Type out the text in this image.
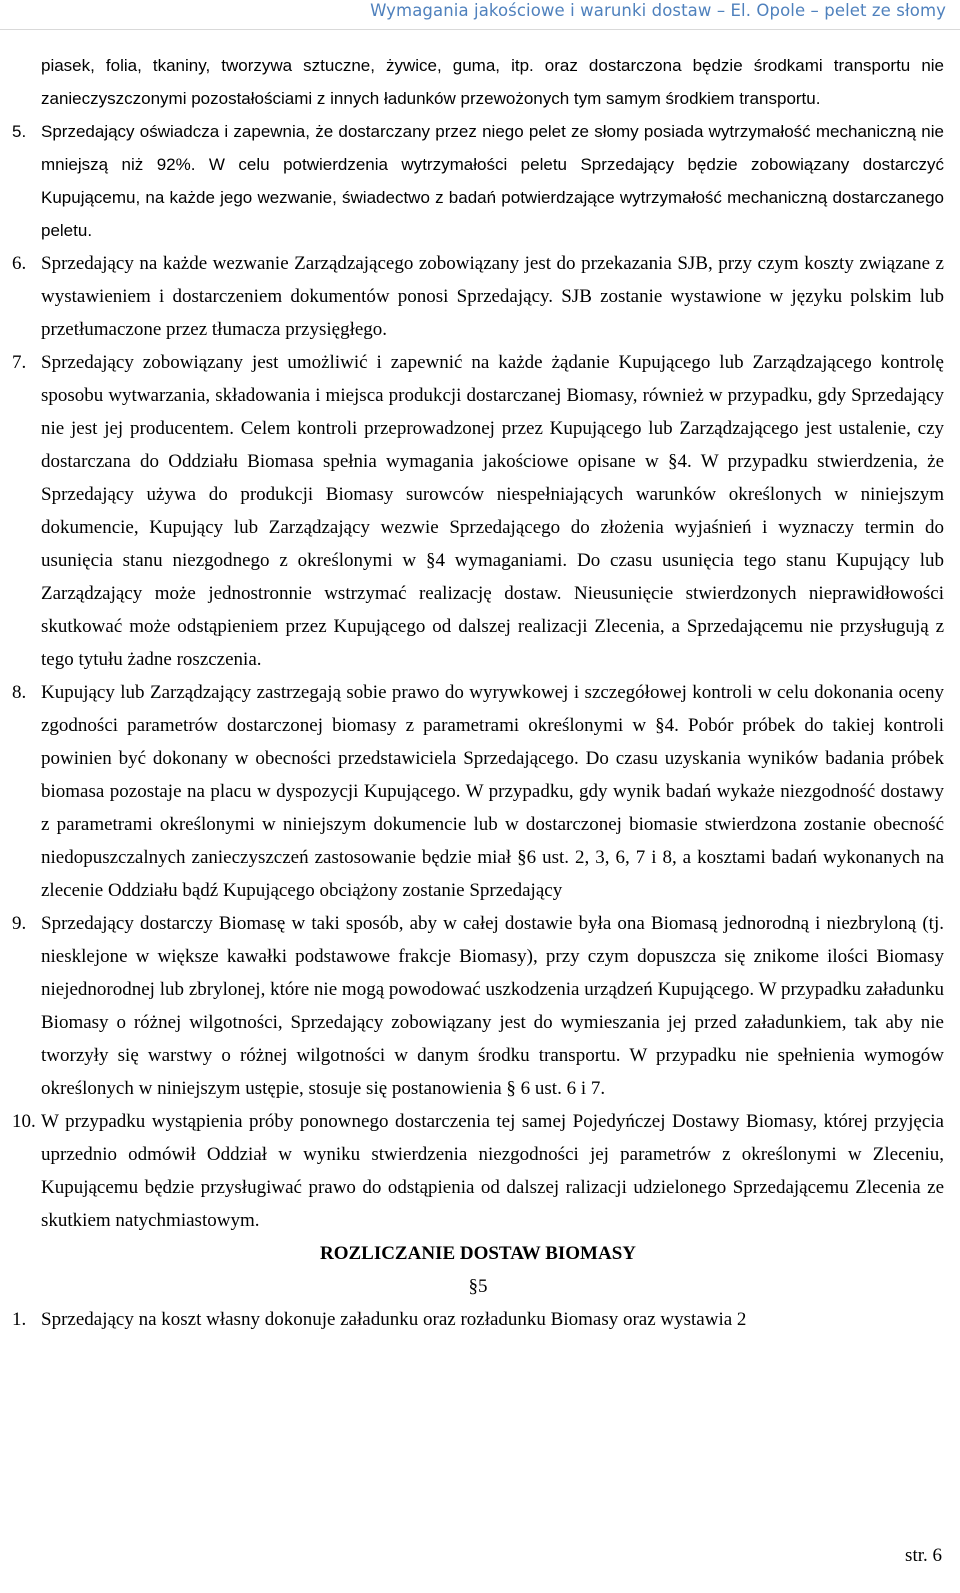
Wymagania jakościowe i warunki dostaw – El. Opole – pelet ze słomy

piasek, folia, tkaniny, tworzywa sztuczne, żywice, guma, itp. oraz dostarczona będzie środkami transportu nie zanieczyszczonymi pozostałościami z innych ładunków przewożonych tym samym środkiem transportu.

5. Sprzedający oświadcza i zapewnia, że dostarczany przez niego pelet ze słomy posiada wytrzymałość mechaniczną nie mniejszą niż 92%. W celu potwierdzenia wytrzymałości peletu Sprzedający będzie zobowiązany dostarczyć Kupującemu, na każde jego wezwanie, świadectwo z badań potwierdzające wytrzymałość mechaniczną dostarczanego peletu.
6. Sprzedający na każde wezwanie Zarządzającego zobowiązany jest do przekazania SJB, przy czym koszty związane z wystawieniem i dostarczeniem dokumentów ponosi Sprzedający. SJB zostanie wystawione w języku polskim lub przetłumaczone przez tłumacza przysięgłego.
7. Sprzedający zobowiązany jest umożliwić i zapewnić na każde żądanie Kupującego lub Zarządzającego kontrolę sposobu wytwarzania, składowania i miejsca produkcji dostarczanej Biomasy, również w przypadku, gdy Sprzedający nie jest jej producentem. Celem kontroli przeprowadzonej przez Kupującego lub Zarządzającego jest ustalenie, czy dostarczana do Oddziału Biomasa spełnia wymagania jakościowe opisane w §4. W przypadku stwierdzenia, że Sprzedający używa do produkcji Biomasy surowców niespełniających warunków określonych w niniejszym dokumencie, Kupujący lub Zarządzający wezwie Sprzedającego do złożenia wyjaśnień i wyznaczy termin do usunięcia stanu niezgodnego z określonymi w §4 wymaganiami. Do czasu usunięcia tego stanu Kupujący lub Zarządzający może jednostronnie wstrzymać realizację dostaw. Nieusunięcie stwierdzonych nieprawidłowości skutkować może odstąpieniem przez Kupującego od dalszej realizacji Zlecenia, a Sprzedającemu nie przysługują z tego tytułu żadne roszczenia.
8. Kupujący lub Zarządzający zastrzegają sobie prawo do wyrywkowej i szczegółowej kontroli w celu dokonania oceny zgodności parametrów dostarczonej biomasy z parametrami określonymi w §4. Pobór próbek do takiej kontroli powinien być dokonany w obecności przedstawiciela Sprzedającego. Do czasu uzyskania wyników badania próbek biomasa pozostaje na placu w dyspozycji Kupującego. W przypadku, gdy wynik badań wykaże niezgodność dostawy z parametrami określonymi w niniejszym dokumencie lub w dostarczonej biomasie stwierdzona zostanie obecność niedopuszczalnych zanieczyszczeń zastosowanie będzie miał §6 ust. 2, 3, 6, 7 i 8, a kosztami badań wykonanych na zlecenie Oddziału bądź Kupującego obciążony zostanie Sprzedający
9. Sprzedający dostarczy Biomasę w taki sposób, aby w całej dostawie była ona Biomasą jednorodną i niezbryloną (tj. niesklejone w większe kawałki podstawowe frakcje Biomasy), przy czym dopuszcza się znikome ilości Biomasy niejednorodnej lub zbrylonej, które nie mogą powodować uszkodzenia urządzeń Kupującego. W przypadku załadunku Biomasy o różnej wilgotności, Sprzedający zobowiązany jest do wymieszania jej przed załadunkiem, tak aby nie tworzyły się warstwy o różnej wilgotności w danym środku transportu. W przypadku nie spełnienia wymogów określonych w niniejszym ustępie, stosuje się postanowienia § 6 ust. 6 i 7.
10. W przypadku wystąpienia próby ponownego dostarczenia tej samej Pojedyńczej Dostawy Biomasy, której przyjęcia uprzednio odmówił Oddział w wyniku stwierdzenia niezgodności jej parametrów z określonymi w Zleceniu, Kupującemu będzie przysługiwać prawo do odstąpienia od dalszej ralizacji udzielonego Sprzedającemu Zlecenia ze skutkiem natychmiastowym.

ROZLICZANIE DOSTAW BIOMASY

§5

1. Sprzedający na koszt własny dokonuje załadunku oraz rozładunku Biomasy oraz wystawia 2
str. 6
